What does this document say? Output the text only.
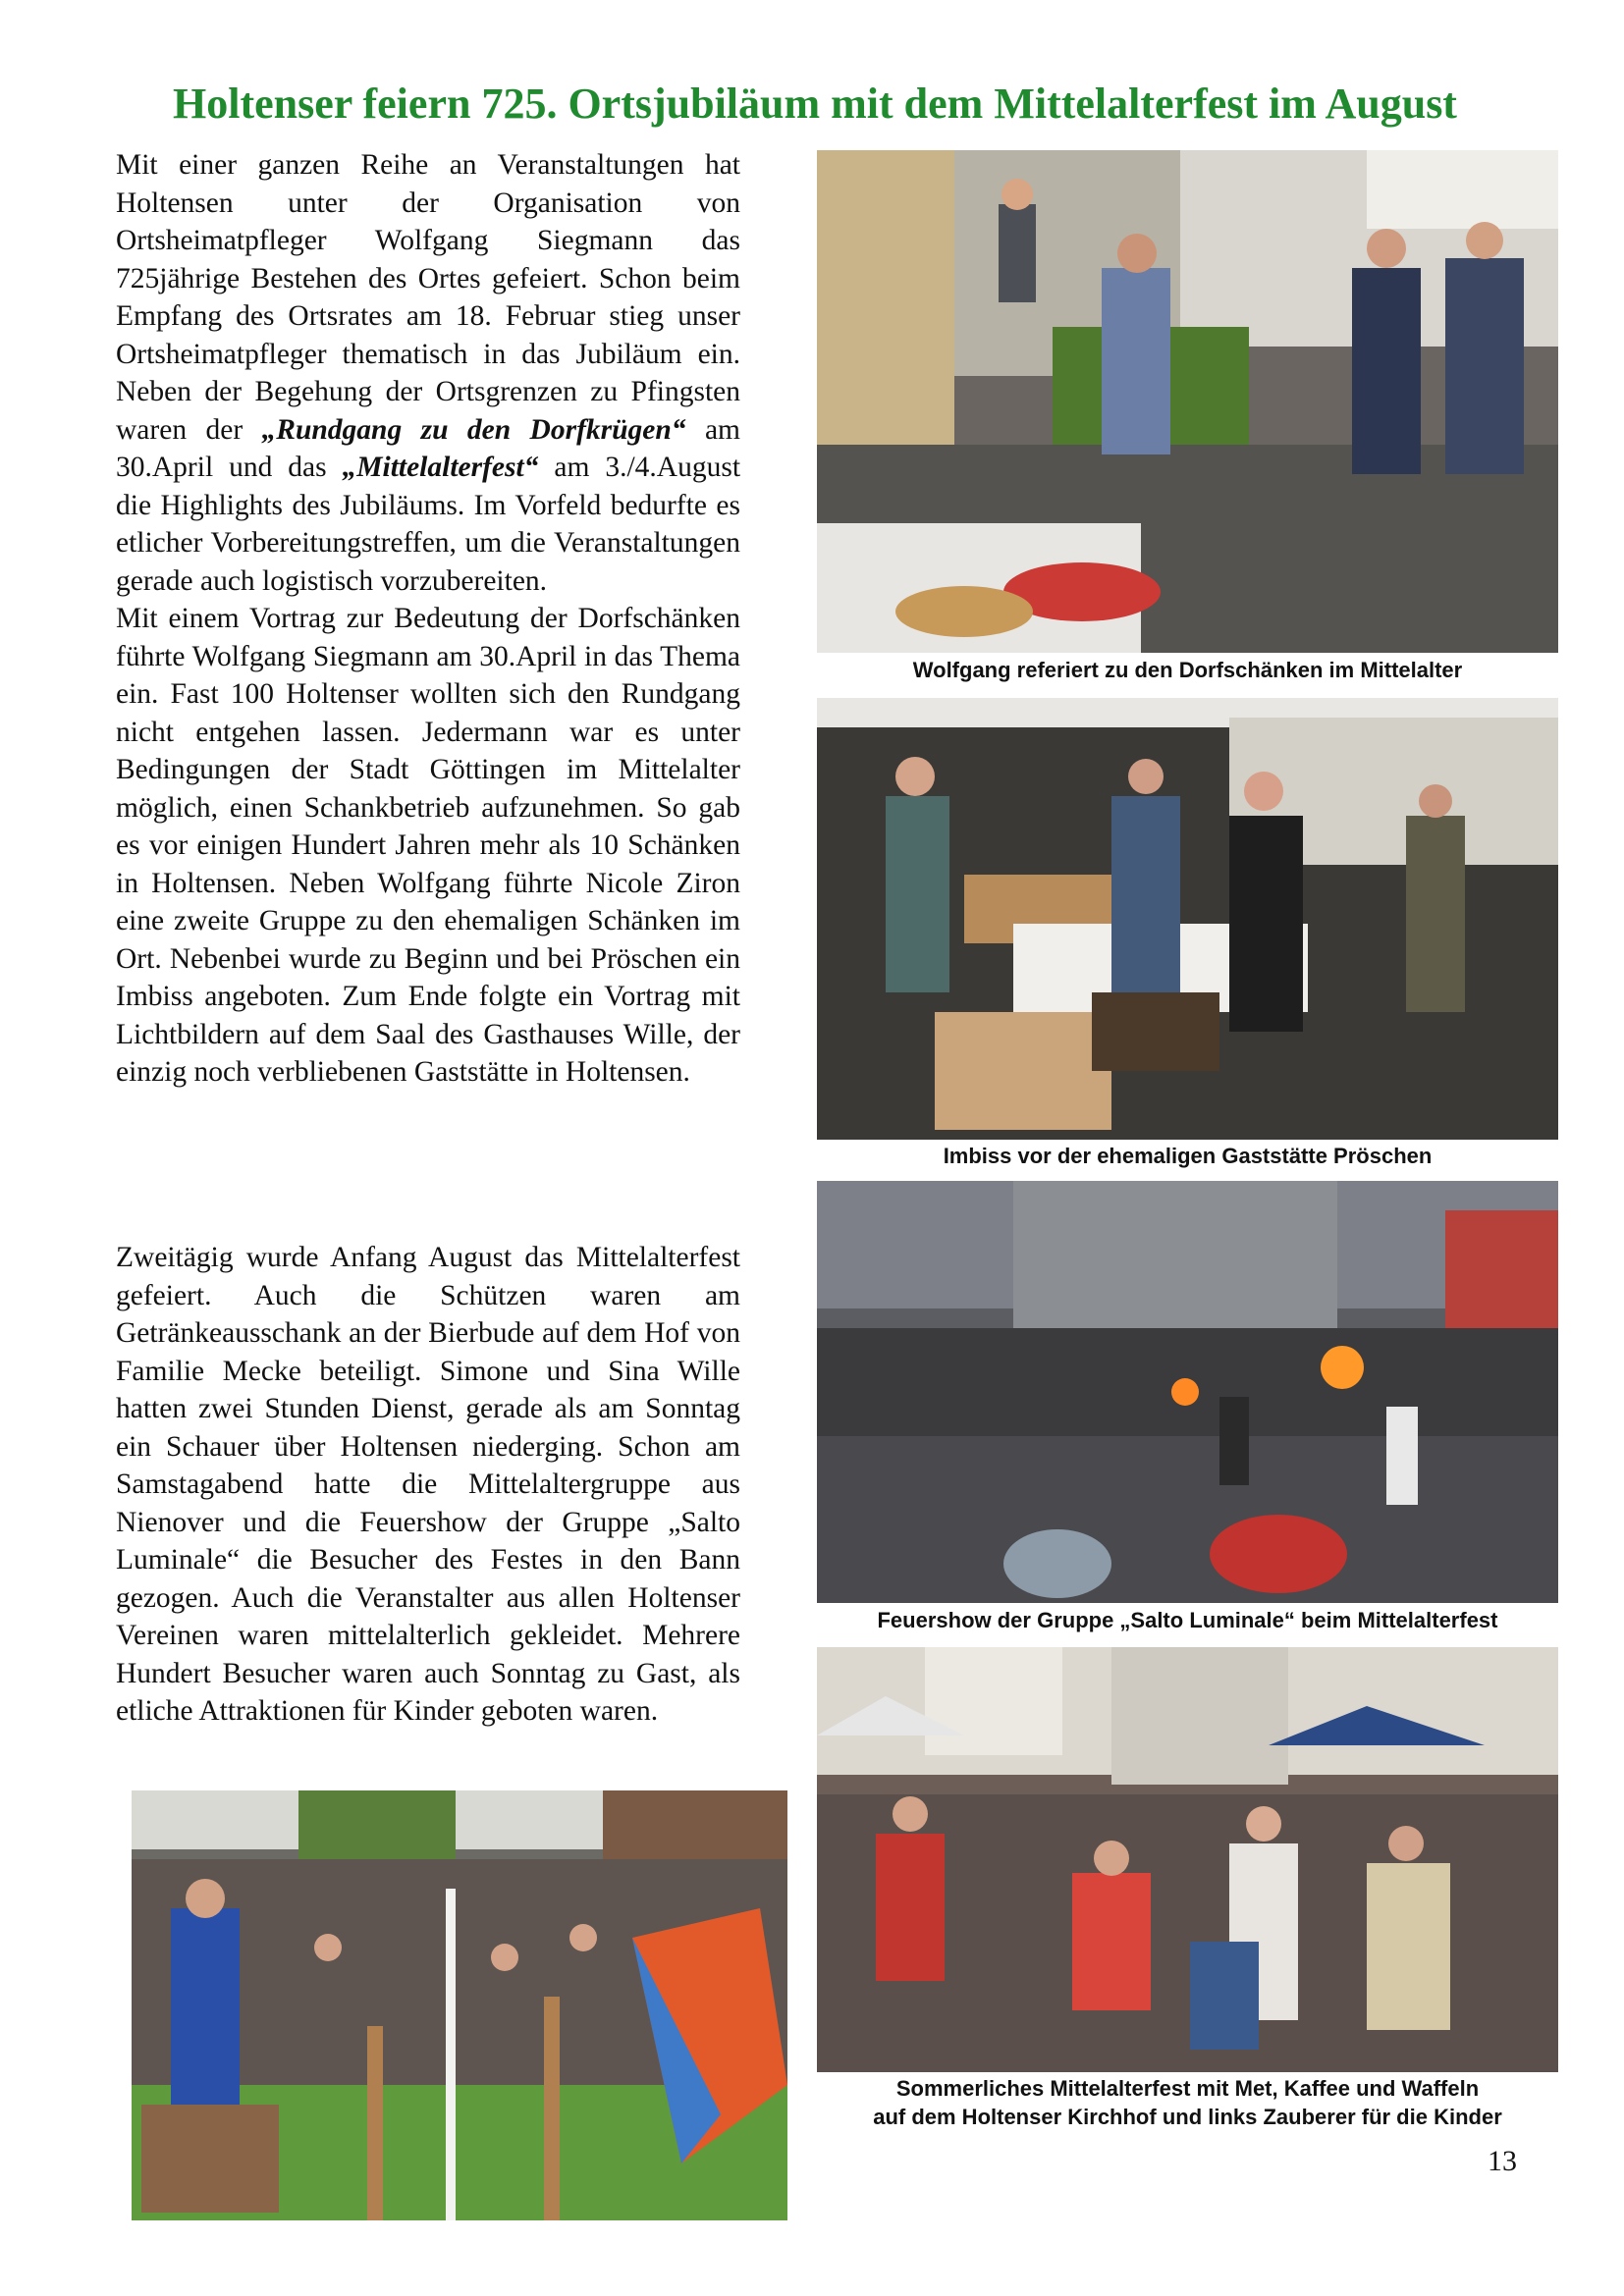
Holtenser feiern 725. Ortsjubiläum mit dem Mittelalterfest im August

Mit einer ganzen Reihe an Veranstaltungen hat Holtensen unter der Organisation von Ortsheimatpfleger Wolfgang Siegmann das 725jährige Bestehen des Ortes gefeiert. Schon beim Empfang des Ortsrates am 18. Februar stieg unser Ortsheimatpfleger thematisch in das Jubiläum ein. Neben der Begehung der Ortsgrenzen zu Pfingsten waren der „Rundgang zu den Dorfkrügen“ am 30.April und das „Mittelalterfest“ am 3./4.August die Highlights des Jubiläums. Im Vorfeld bedurfte es etlicher Vorbereitungstreffen, um die Veranstaltungen gerade auch logistisch vorzubereiten.

Mit einem Vortrag zur Bedeutung der Dorfschänken führte Wolfgang Siegmann am 30.April in das Thema ein. Fast 100 Holtenser wollten sich den Rundgang nicht entgehen lassen. Jedermann war es unter Bedingungen der Stadt Göttingen im Mittelalter möglich, einen Schankbetrieb aufzunehmen. So gab es vor einigen Hundert Jahren mehr als 10 Schänken in Holtensen. Neben Wolfgang führte Nicole Ziron eine zweite Gruppe zu den ehemaligen Schänken im Ort. Nebenbei wurde zu Beginn und bei Pröschen ein Imbiss angeboten. Zum Ende folgte ein Vortrag mit Lichtbildern auf dem Saal des Gasthauses Wille, der einzig noch verbliebenen Gaststätte in Holtensen.

Zweitägig wurde Anfang August das Mittelalterfest gefeiert. Auch die Schützen waren am Getränkeausschank an der Bierbude auf dem Hof von Familie Mecke beteiligt. Simone und Sina Wille hatten zwei Stunden Dienst, gerade als am Sonntag ein Schauer über Holtensen niederging. Schon am Samstagabend hatte die Mittelaltergruppe aus Nienover und die Feuershow der Gruppe „Salto Luminale“ die Besucher des Festes in den Bann gezogen. Auch die Veranstalter aus allen Holtenser Vereinen waren mittelalterlich gekleidet. Mehrere Hundert Besucher waren auch Sonntag zu Gast, als etliche Attraktionen für Kinder geboten waren.

Wolfgang referiert zu den Dorfschänken im Mittelalter
Imbiss vor der ehemaligen Gaststätte Pröschen
Feuershow der Gruppe „Salto Luminale“ beim Mittelalterfest
Sommerliches Mittelalterfest mit Met, Kaffee und Waffeln
auf dem Holtenser Kirchhof und links Zauberer für die Kinder
13
